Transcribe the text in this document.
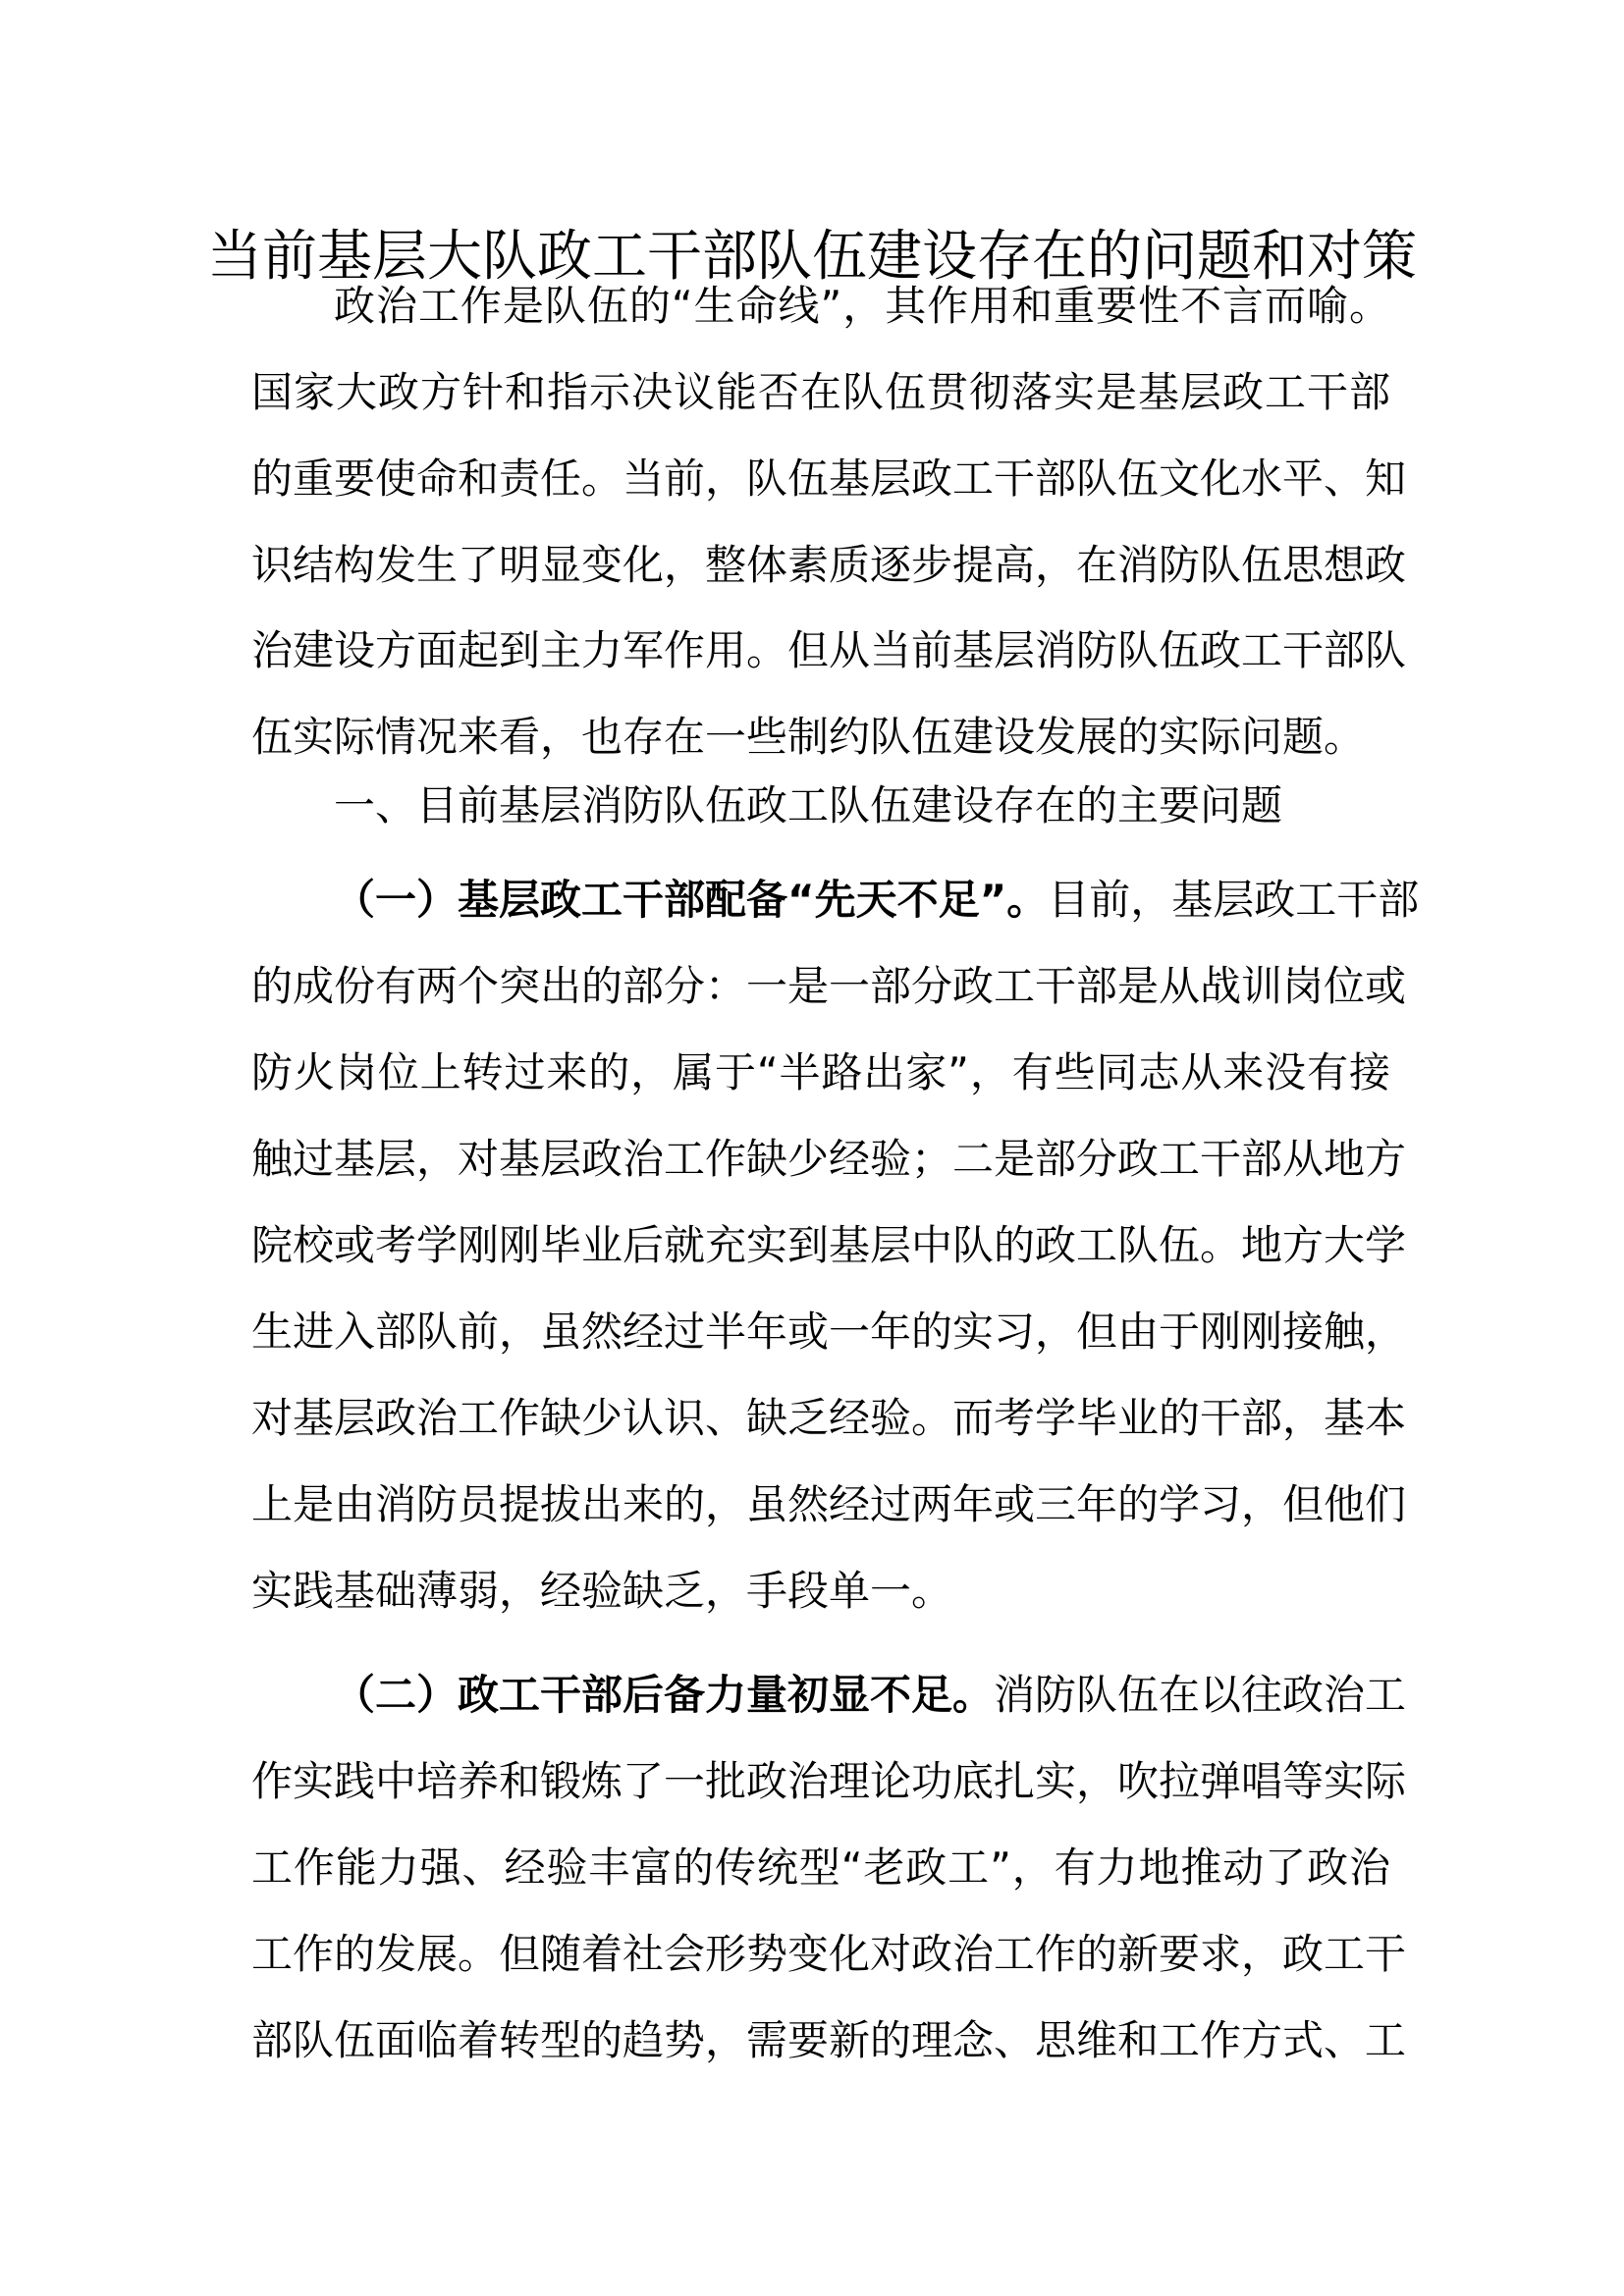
当前基层大队政工干部队伍建设存在的问题和对策
政治工作是队伍的“生命线”，其作用和重要性不言而喻。
国家大政方针和指示决议能否在队伍贯彻落实是基层政工干部
的重要使命和责任。当前，队伍基层政工干部队伍文化水平、知
识结构发生了明显变化，整体素质逐步提高，在消防队伍思想政
治建设方面起到主力军作用。但从当前基层消防队伍政工干部队
伍实际情况来看，也存在一些制约队伍建设发展的实际问题。
一、目前基层消防队伍政工队伍建设存在的主要问题
（一）基层政工干部配备“先天不足”。目前，基层政工干部
的成份有两个突出的部分：一是一部分政工干部是从战训岗位或
防火岗位上转过来的，属于“半路出家”，有些同志从来没有接
触过基层，对基层政治工作缺少经验；二是部分政工干部从地方
院校或考学刚刚毕业后就充实到基层中队的政工队伍。地方大学
生进入部队前，虽然经过半年或一年的实习，但由于刚刚接触，
对基层政治工作缺少认识、缺乏经验。而考学毕业的干部，基本
上是由消防员提拔出来的，虽然经过两年或三年的学习，但他们
实践基础薄弱，经验缺乏，手段单一。
（二）政工干部后备力量初显不足。消防队伍在以往政治工
作实践中培养和锻炼了一批政治理论功底扎实，吹拉弹唱等实际
工作能力强、经验丰富的传统型“老政工”，有力地推动了政治
工作的发展。但随着社会形势变化对政治工作的新要求，政工干
部队伍面临着转型的趋势，需要新的理念、思维和工作方式、工
